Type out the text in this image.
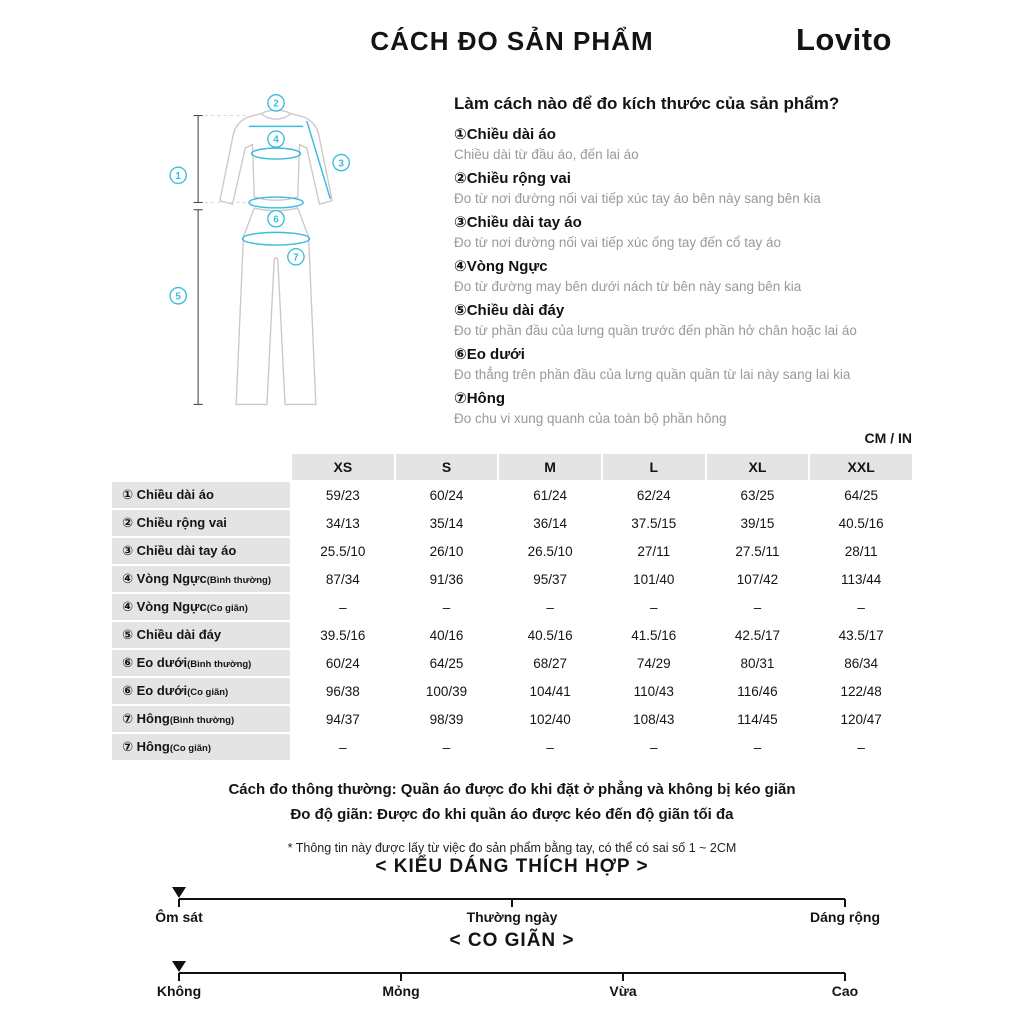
CÁCH ĐO SẢN PHẨM	Lovito
1
2
3
4
5
6
7
Làm cách nào để đo kích thước của sản phẩm?
①Chiều dài áo
Chiều dài từ đầu áo, đến lai áo
②Chiều rộng vai
Đo từ nơi đường nối vai tiếp xúc tay áo bên này sang bên kia
③Chiều dài tay áo
Đo từ nơi đường nối vai tiếp xúc ống tay đến cổ tay áo
④Vòng Ngực
Đo từ đường may bên dưới nách từ bên này sang bên kia
⑤Chiều dài đáy
Đo từ phần đầu của lưng quần trước đến phần hở chân hoặc lai áo
⑥Eo dưới
Đo thẳng trên phần đầu của lưng quần quần từ lai này sang lai kia
⑦Hông
Đo chu vi xung quanh của toàn bộ phần hông
CM / IN
	XS	S	M	L	XL	XXL
① Chiều dài áo	59/23	60/24	61/24	62/24	63/25	64/25
② Chiều rộng vai	34/13	35/14	36/14	37.5/15	39/15	40.5/16
③ Chiều dài tay áo	25.5/10	26/10	26.5/10	27/11	27.5/11	28/11
④ Vòng Ngực(Bình thường)	87/34	91/36	95/37	101/40	107/42	113/44
④ Vòng Ngực(Co giãn)	–	–	–	–	–	–
⑤ Chiều dài đáy	39.5/16	40/16	40.5/16	41.5/16	42.5/17	43.5/17
⑥ Eo dưới(Bình thường)	60/24	64/25	68/27	74/29	80/31	86/34
⑥ Eo dưới(Co giãn)	96/38	100/39	104/41	110/43	116/46	122/48
⑦ Hông(Bình thường)	94/37	98/39	102/40	108/43	114/45	120/47
⑦ Hông(Co giãn)	–	–	–	–	–	–
Cách đo thông thường: Quần áo được đo khi đặt ở phẳng và không bị kéo giãn
Đo độ giãn: Được đo khi quần áo được kéo đến độ giãn tối đa
* Thông tin này được lấy từ việc đo sản phẩm bằng tay, có thể có sai số 1 ~ 2CM
< KIỂU DÁNG THÍCH HỢP >
Ôm sát	Thường ngày	Dáng rộng
< CO GIÃN >
Không	Mỏng	Vừa	Cao
